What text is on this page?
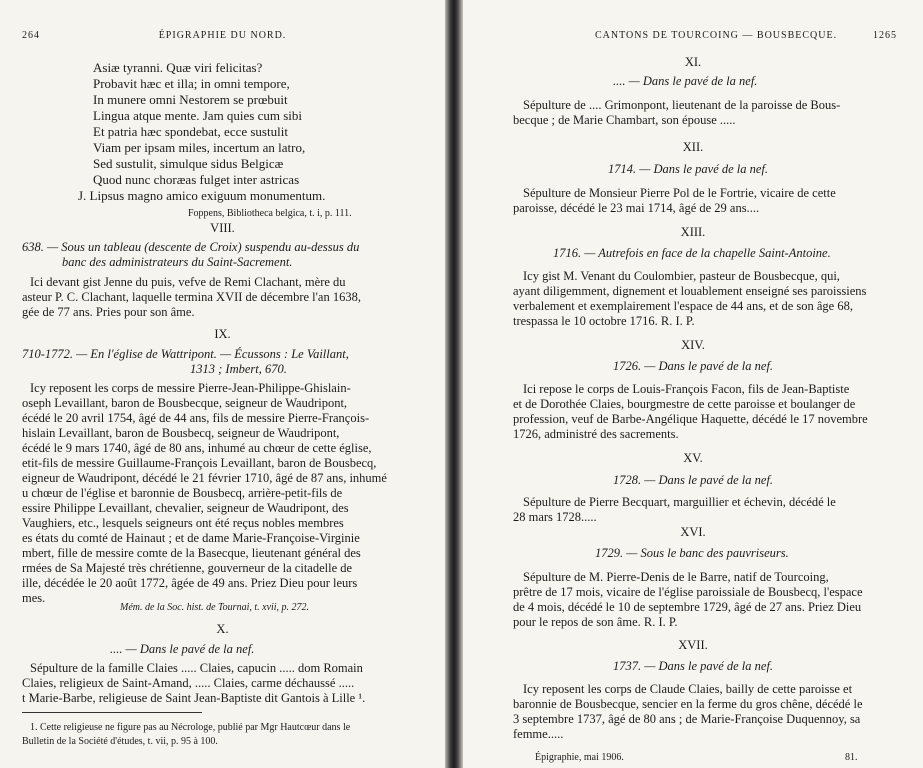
264	ÉPIGRAPHIE DU NORD.
Asiæ tyranni. Quæ viri felicitas?
Probavit hæc et illa; in omni tempore,
In munere omni Nestorem se prœbuit
Lingua atque mente. Jam quies cum sibi
Et patria hæc spondebat, ecce sustulit
Viam per ipsam miles, incertum an latro,
Sed sustulit, simulque sidus Belgicæ
Quod nunc choræas fulget inter astricas
J. Lipsus magno amico exiguum monumentum.
Foppens, Bibliotheca belgica, t. i, p. 111.
VIII.
638. — Sous un tableau (descente de Croix) suspendu au-dessus du
banc des administrateurs du Saint-Sacrement.
Ici devant gist Jenne du puis, vefve de Remi Clachant, mère du
asteur P. C. Clachant, laquelle termina XVII de décembre l'an 1638,
gée de 77 ans. Pries pour son âme.
IX.
710-1772. — En l'église de Wattripont. — Écussons : Le Vaillant,
1313 ; Imbert, 670.
Icy reposent les corps de messire Pierre-Jean-Philippe-Ghislain-
oseph Levaillant, baron de Bousbecque, seigneur de Waudripont,
écédé le 20 avril 1754, âgé de 44 ans, fils de messire Pierre-François-
hislain Levaillant, baron de Bousbecq, seigneur de Waudripont,
écédé le 9 mars 1740, âgé de 80 ans, inhumé au chœur de cette église,
etit-fils de messire Guillaume-François Levaillant, baron de Bousbecq,
eigneur de Waudripont, décédé le 21 février 1710, âgé de 87 ans, inhumé
u chœur de l'église et baronnie de Bousbecq, arrière-petit-fils de
essire Philippe Levaillant, chevalier, seigneur de Waudripont, des
Vaughiers, etc., lesquels seigneurs ont été reçus nobles membres
es états du comté de Hainaut ; et de dame Marie-Françoise-Virginie
mbert, fille de messire comte de la Basecque, lieutenant général des
rmées de Sa Majesté très chrétienne, gouverneur de la citadelle de
ille, décédée le 20 août 1772, âgée de 49 ans. Priez Dieu pour leurs
mes.
Mém. de la Soc. hist. de Tournai, t. xvii, p. 272.
X.
.... — Dans le pavé de la nef.
Sépulture de la famille Claies ..... Claies, capucin ..... dom Romain
Claies, religieux de Saint-Amand, ..... Claies, carme déchaussé .....
t Marie-Barbe, religieuse de Saint Jean-Baptiste dit Gantois à Lille ¹.
1. Cette religieuse ne figure pas au Nécrologe, publié par Mgr Hautcœur dans le
Bulletin de la Société d'études, t. vii, p. 95 à 100.
CANTONS DE TOURCOING — BOUSBECQUE.	1265
XI.
.... — Dans le pavé de la nef.
Sépulture de .... Grimonpont, lieutenant de la paroisse de Bous-
becque ; de Marie Chambart, son épouse .....
XII.
1714. — Dans le pavé de la nef.
Sépulture de Monsieur Pierre Pol de le Fortrie, vicaire de cette
paroisse, décédé le 23 mai 1714, âgé de 29 ans....
XIII.
1716. — Autrefois en face de la chapelle Saint-Antoine.
Icy gist M. Venant du Coulombier, pasteur de Bousbecque, qui,
ayant diligemment, dignement et louablement enseigné ses paroissiens
verbalement et exemplairement l'espace de 44 ans, et de son âge 68,
trespassa le 10 octobre 1716. R. I. P.
XIV.
1726. — Dans le pavé de la nef.
Ici repose le corps de Louis-François Facon, fils de Jean-Baptiste
et de Dorothée Claies, bourgmestre de cette paroisse et boulanger de
profession, veuf de Barbe-Angélique Haquette, décédé le 17 novembre
1726, administré des sacrements.
XV.
1728. — Dans le pavé de la nef.
Sépulture de Pierre Becquart, marguillier et échevin, décédé le
28 mars 1728.....
XVI.
1729. — Sous le banc des pauvriseurs.
Sépulture de M. Pierre-Denis de le Barre, natif de Tourcoing,
prêtre de 17 mois, vicaire de l'église paroissiale de Bousbecq, l'espace
de 4 mois, décédé le 10 de septembre 1729, âgé de 27 ans. Priez Dieu
pour le repos de son âme. R. I. P.
XVII.
1737. — Dans le pavé de la nef.
Icy reposent les corps de Claude Claies, bailly de cette paroisse et
baronnie de Bousbecque, sencier en la ferme du gros chêne, décédé le
3 septembre 1737, âgé de 80 ans ; de Marie-Françoise Duquennoy, sa
femme.....
Épigraphie, mai 1906.	81.
